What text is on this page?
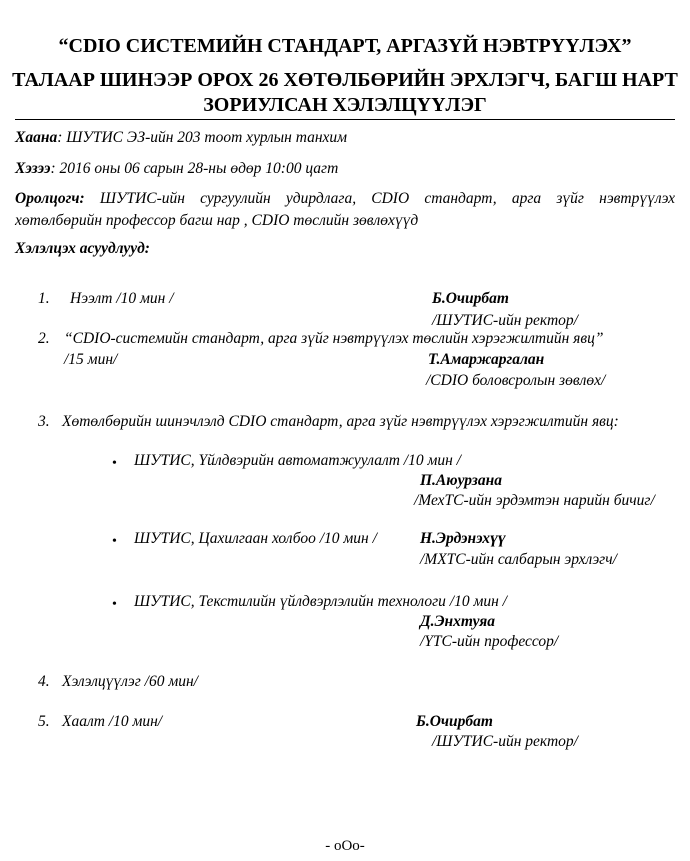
“CDIO СИСТЕМИЙН СТАНДАРТ, АРГАЗҮЙ НЭВТРҮҮЛЭХ”
ТАЛААР ШИНЭЭР ОРОХ 26 ХӨТӨЛБӨРИЙН ЭРХЛЭГЧ, БАГШ НАРТ
ЗОРИУЛСАН ХЭЛЭЛЦҮҮЛЭГ
Хаана: ШУТИС ЭЗ-ийн 203 тоот хурлын танхим
Хэзээ: 2016 оны 06 сарын 28-ны өдөр 10:00 цагт
Оролцогч: ШУТИС-ийн сургуулийн удирдлага, CDIO стандарт, арга зүйг нэвтрүүлэх хөтөлбөрийн профессор багш нар , CDIO төслийн зөвлөхүүд
Хэлэлцэх асуудлууд:
1. Нээлт /10 мин /	Б.Очирбат
/ШУТИС-ийн ректор/
2. “CDIO-системийн стандарт, арга зүйг нэвтрүүлэх төслийн хэрэгжилтийн явц”
/15 мин/	Т.Амаржаргалан
/CDIO боловсролын зөвлөх/
3. Хөтөлбөрийн шинэчлэлд CDIO стандарт, арга зүйг нэвтрүүлэх хэрэгжилтийн явц:
• ШУТИС, Үйлдвэрийн автоматжуулалт /10 мин /
П.Аюурзана
/МехТС-ийн эрдэмтэн нарийн бичиг/
• ШУТИС, Цахилгаан холбоо /10 мин /	Н.Эрдэнэхүү
/МХТС-ийн салбарын эрхлэгч/
• ШУТИС, Текстилийн үйлдвэрлэлийн технологи /10 мин /
Д.Энхтуяа
/ҮТС-ийн профессор/
4. Хэлэлцүүлэг /60 мин/
5. Хаалт /10 мин/	Б.Очирбат
/ШУТИС-ийн ректор/
- oOo-
